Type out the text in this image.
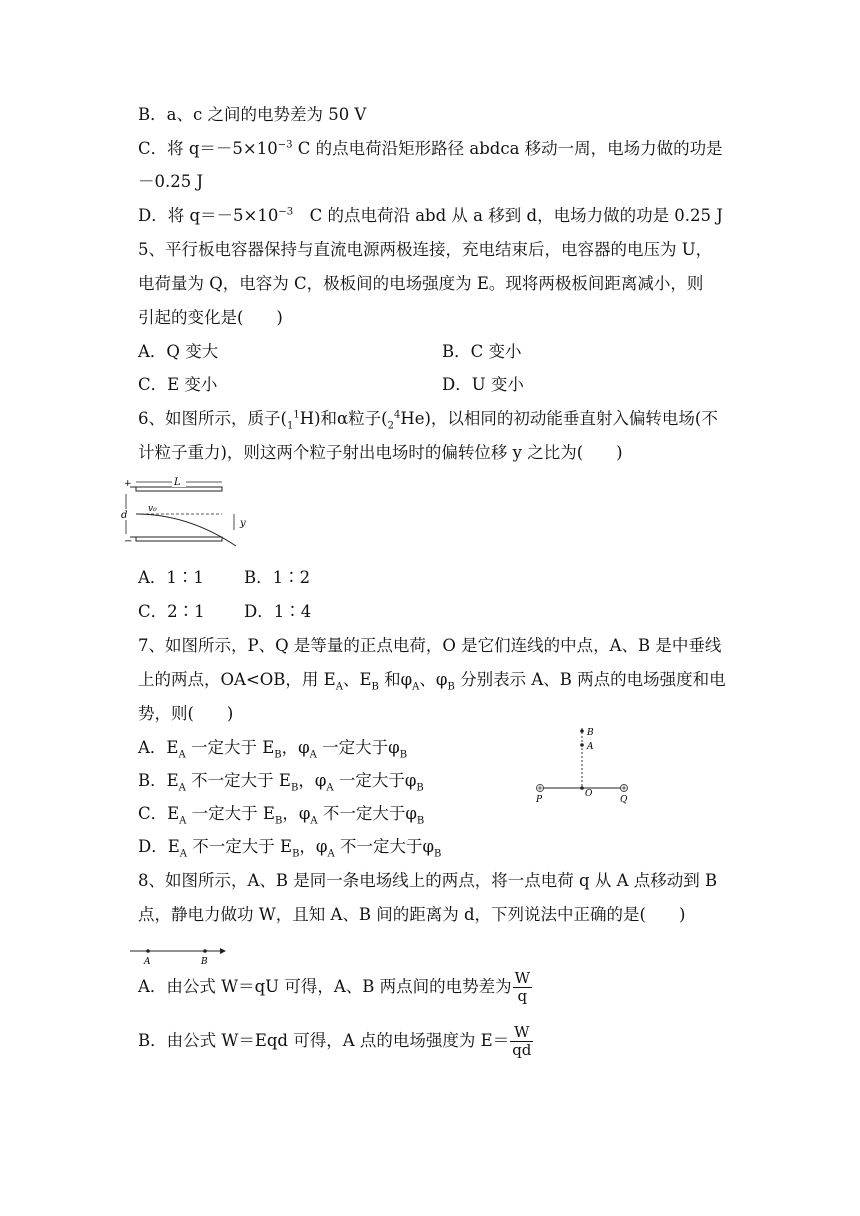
B．a、c 之间的电势差为 50 V
C．将 $q=-5\times 10^{-3}$ C 的点电荷沿矩形路径 abdca 移动一周，电场力做的功是
－0.25 J
D．将 $q=-5\times 10^{-3}$　C 的点电荷沿 abd 从 a 移到 d，电场力做的功是 0.25 J
5、平行板电容器保持与直流电源两极连接，充电结束后，电容器的电压为 U，
电荷量为 Q，电容为 C，极板间的电场强度为 E。现将两极板间距离减小，则
引起的变化是(　　)
A．Q 变大	B．C 变小
C．E 变小	D．U 变小
6、如图所示，质子$(_1^1H)$和α粒子$(_2^4He)$，以相同的初动能垂直射入偏转电场(不
计粒子重力)，则这两个粒子射出电场时的偏转位移 y 之比为(　　)
+
−
L
d
v₀
y
A．1∶1 B．1∶2
C．2∶1 D．1∶4
7、如图所示，P、Q 是等量的正点电荷，O 是它们连线的中点，A、B 是中垂线
上的两点，OA<OB，用 $E_A$、$E_B$ 和$\varphi_A$、$\varphi_B$ 分别表示 A、B 两点的电场强度和电
势，则(　　)
A．$E_A$ 一定大于 $E_B$，$\varphi_A$ 一定大于$\varphi_B$
B．$E_A$ 不一定大于 $E_B$，$\varphi_A$ 一定大于$\varphi_B$
C．$E_A$ 一定大于 $E_B$，$\varphi_A$ 不一定大于$\varphi_B$
D．$E_A$ 不一定大于 $E_B$，$\varphi_A$ 不一定大于$\varphi_B$
B
A
P
O
Q
8、如图所示，A、B 是同一条电场线上的两点，将一点电荷 q 从 A 点移动到 B
点，静电力做功 W，且知 A、B 间的距离为 d，下列说法中正确的是(　　)
A	B
A．由公式 W＝qU 可得，A、B 两点间的电势差为 $\frac{W}{q}$
B．由公式 W＝Eqd 可得，A 点的电场强度为 $E= \frac{W}{qd}$
